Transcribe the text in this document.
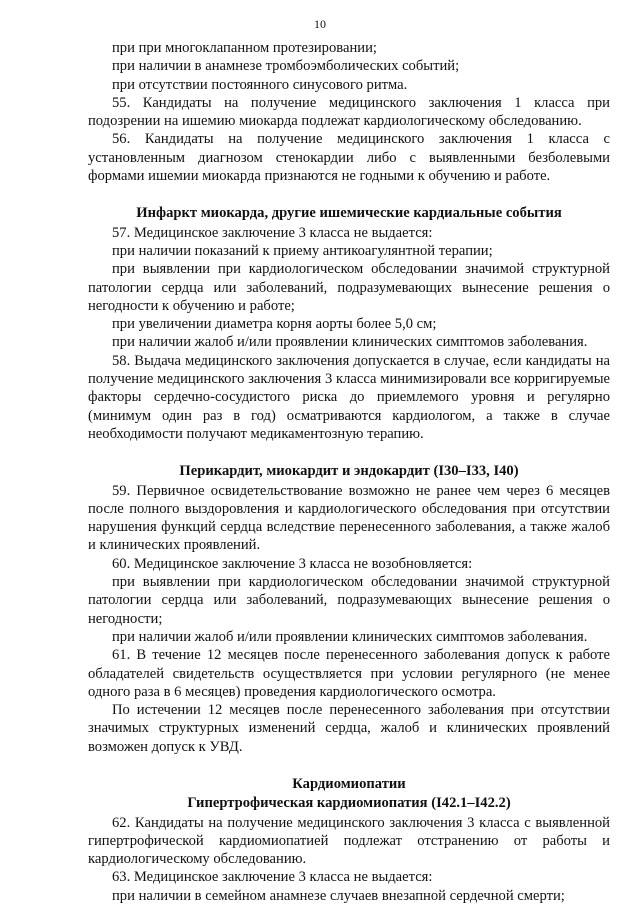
10

при при многоклапанном протезировании;

при наличии в анамнезе тромбоэмболических событий;

при отсутствии постоянного синусового ритма.

55. Кандидаты на получение медицинского заключения 1 класса при подозрении на ишемию миокарда подлежат кардиологическому обследованию.

56. Кандидаты на получение медицинского заключения 1 класса с установленным диагнозом стенокардии либо с выявленными безболевыми формами ишемии миокарда признаются не годными к обучению и работе.

Инфаркт миокарда, другие ишемические кардиальные события

57. Медицинское заключение 3 класса не выдается:

при наличии показаний к приему антикоагулянтной терапии;

при выявлении при кардиологическом обследовании значимой структурной патологии сердца или заболеваний, подразумевающих вынесение решения о негодности к обучению и работе;

при увеличении диаметра корня аорты более 5,0 см;

при наличии жалоб и/или проявлении клинических симптомов заболевания.

58. Выдача медицинского заключения допускается в случае, если кандидаты на получение медицинского заключения 3 класса минимизировали все корригируемые факторы сердечно-сосудистого риска до приемлемого уровня и регулярно (минимум один раз в год) осматриваются кардиологом, а также в случае необходимости получают медикаментозную терапию.

Перикардит, миокардит и эндокардит (I30–I33, I40)

59. Первичное освидетельствование возможно не ранее чем через 6 месяцев после полного выздоровления и кардиологического обследования при отсутствии нарушения функций сердца вследствие перенесенного заболевания, а также жалоб и клинических проявлений.

60. Медицинское заключение 3 класса не возобновляется:

при выявлении при кардиологическом обследовании значимой структурной патологии сердца или заболеваний, подразумевающих вынесение решения о негодности;

при наличии жалоб и/или проявлении клинических симптомов заболевания.

61. В течение 12 месяцев после перенесенного заболевания допуск к работе обладателей свидетельств осуществляется при условии регулярного (не менее одного раза в 6 месяцев) проведения кардиологического осмотра.

По истечении 12 месяцев после перенесенного заболевания при отсутствии значимых структурных изменений сердца, жалоб и клинических проявлений возможен допуск к УВД.

Кардиомиопатии

Гипертрофическая кардиомиопатия (I42.1–I42.2)

62. Кандидаты на получение медицинского заключения 3 класса с выявленной гипертрофической кардиомиопатией подлежат отстранению от работы и кардиологическому обследованию.

63. Медицинское заключение 3 класса не выдается:

при наличии в семейном анамнезе случаев внезапной сердечной смерти;
